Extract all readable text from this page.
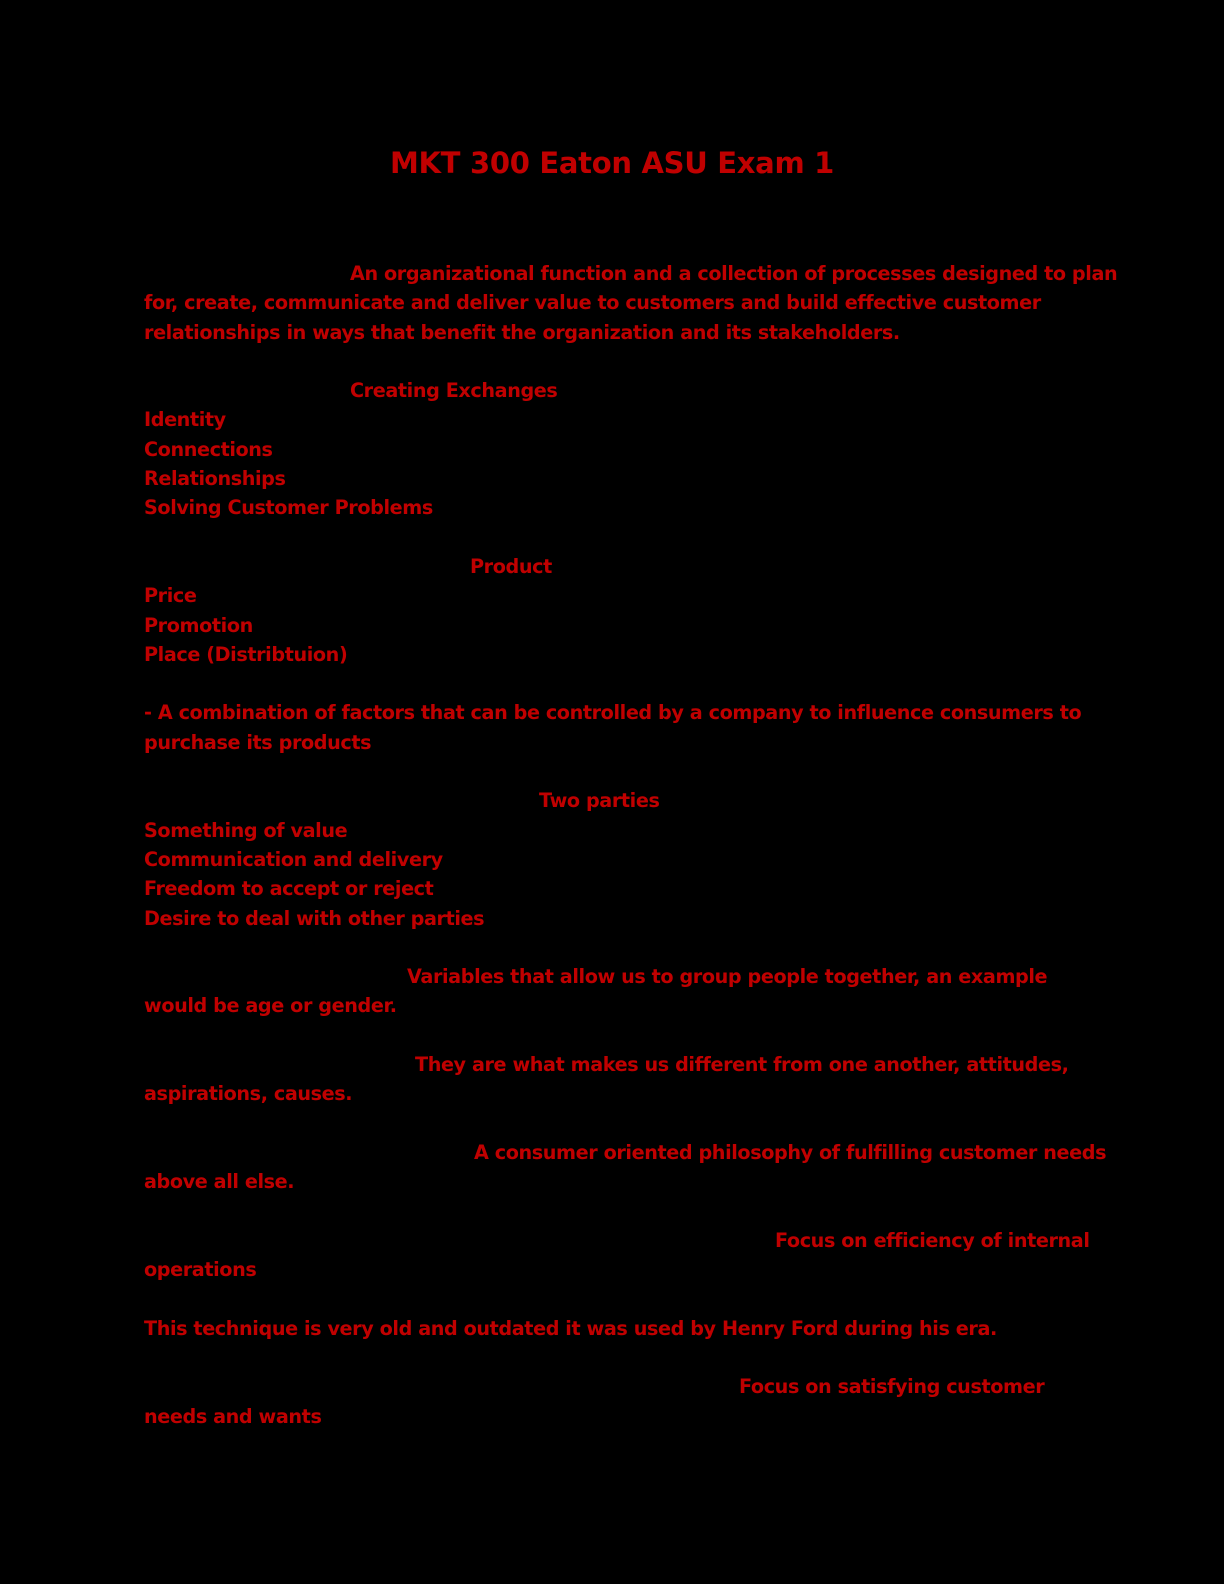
MKT 300 Eaton ASU Exam 1
An organizational function and a collection of processes designed to plan
for, create, communicate and deliver value to customers and build effective customer
relationships in ways that benefit the organization and its stakeholders.
Creating Exchanges
Identity
Connections
Relationships
Solving Customer Problems
Product
Price
Promotion
Place (Distribtuion)
- A combination of factors that can be controlled by a company to influence consumers to
purchase its products
Two parties
Something of value
Communication and delivery
Freedom to accept or reject
Desire to deal with other parties
Variables that allow us to group people together, an example
would be age or gender.
They are what makes us different from one another, attitudes,
aspirations, causes.
A consumer oriented philosophy of fulfilling customer needs
above all else.
Focus on efficiency of internal
operations
This technique is very old and outdated it was used by Henry Ford during his era.
Focus on satisfying customer
needs and wants
